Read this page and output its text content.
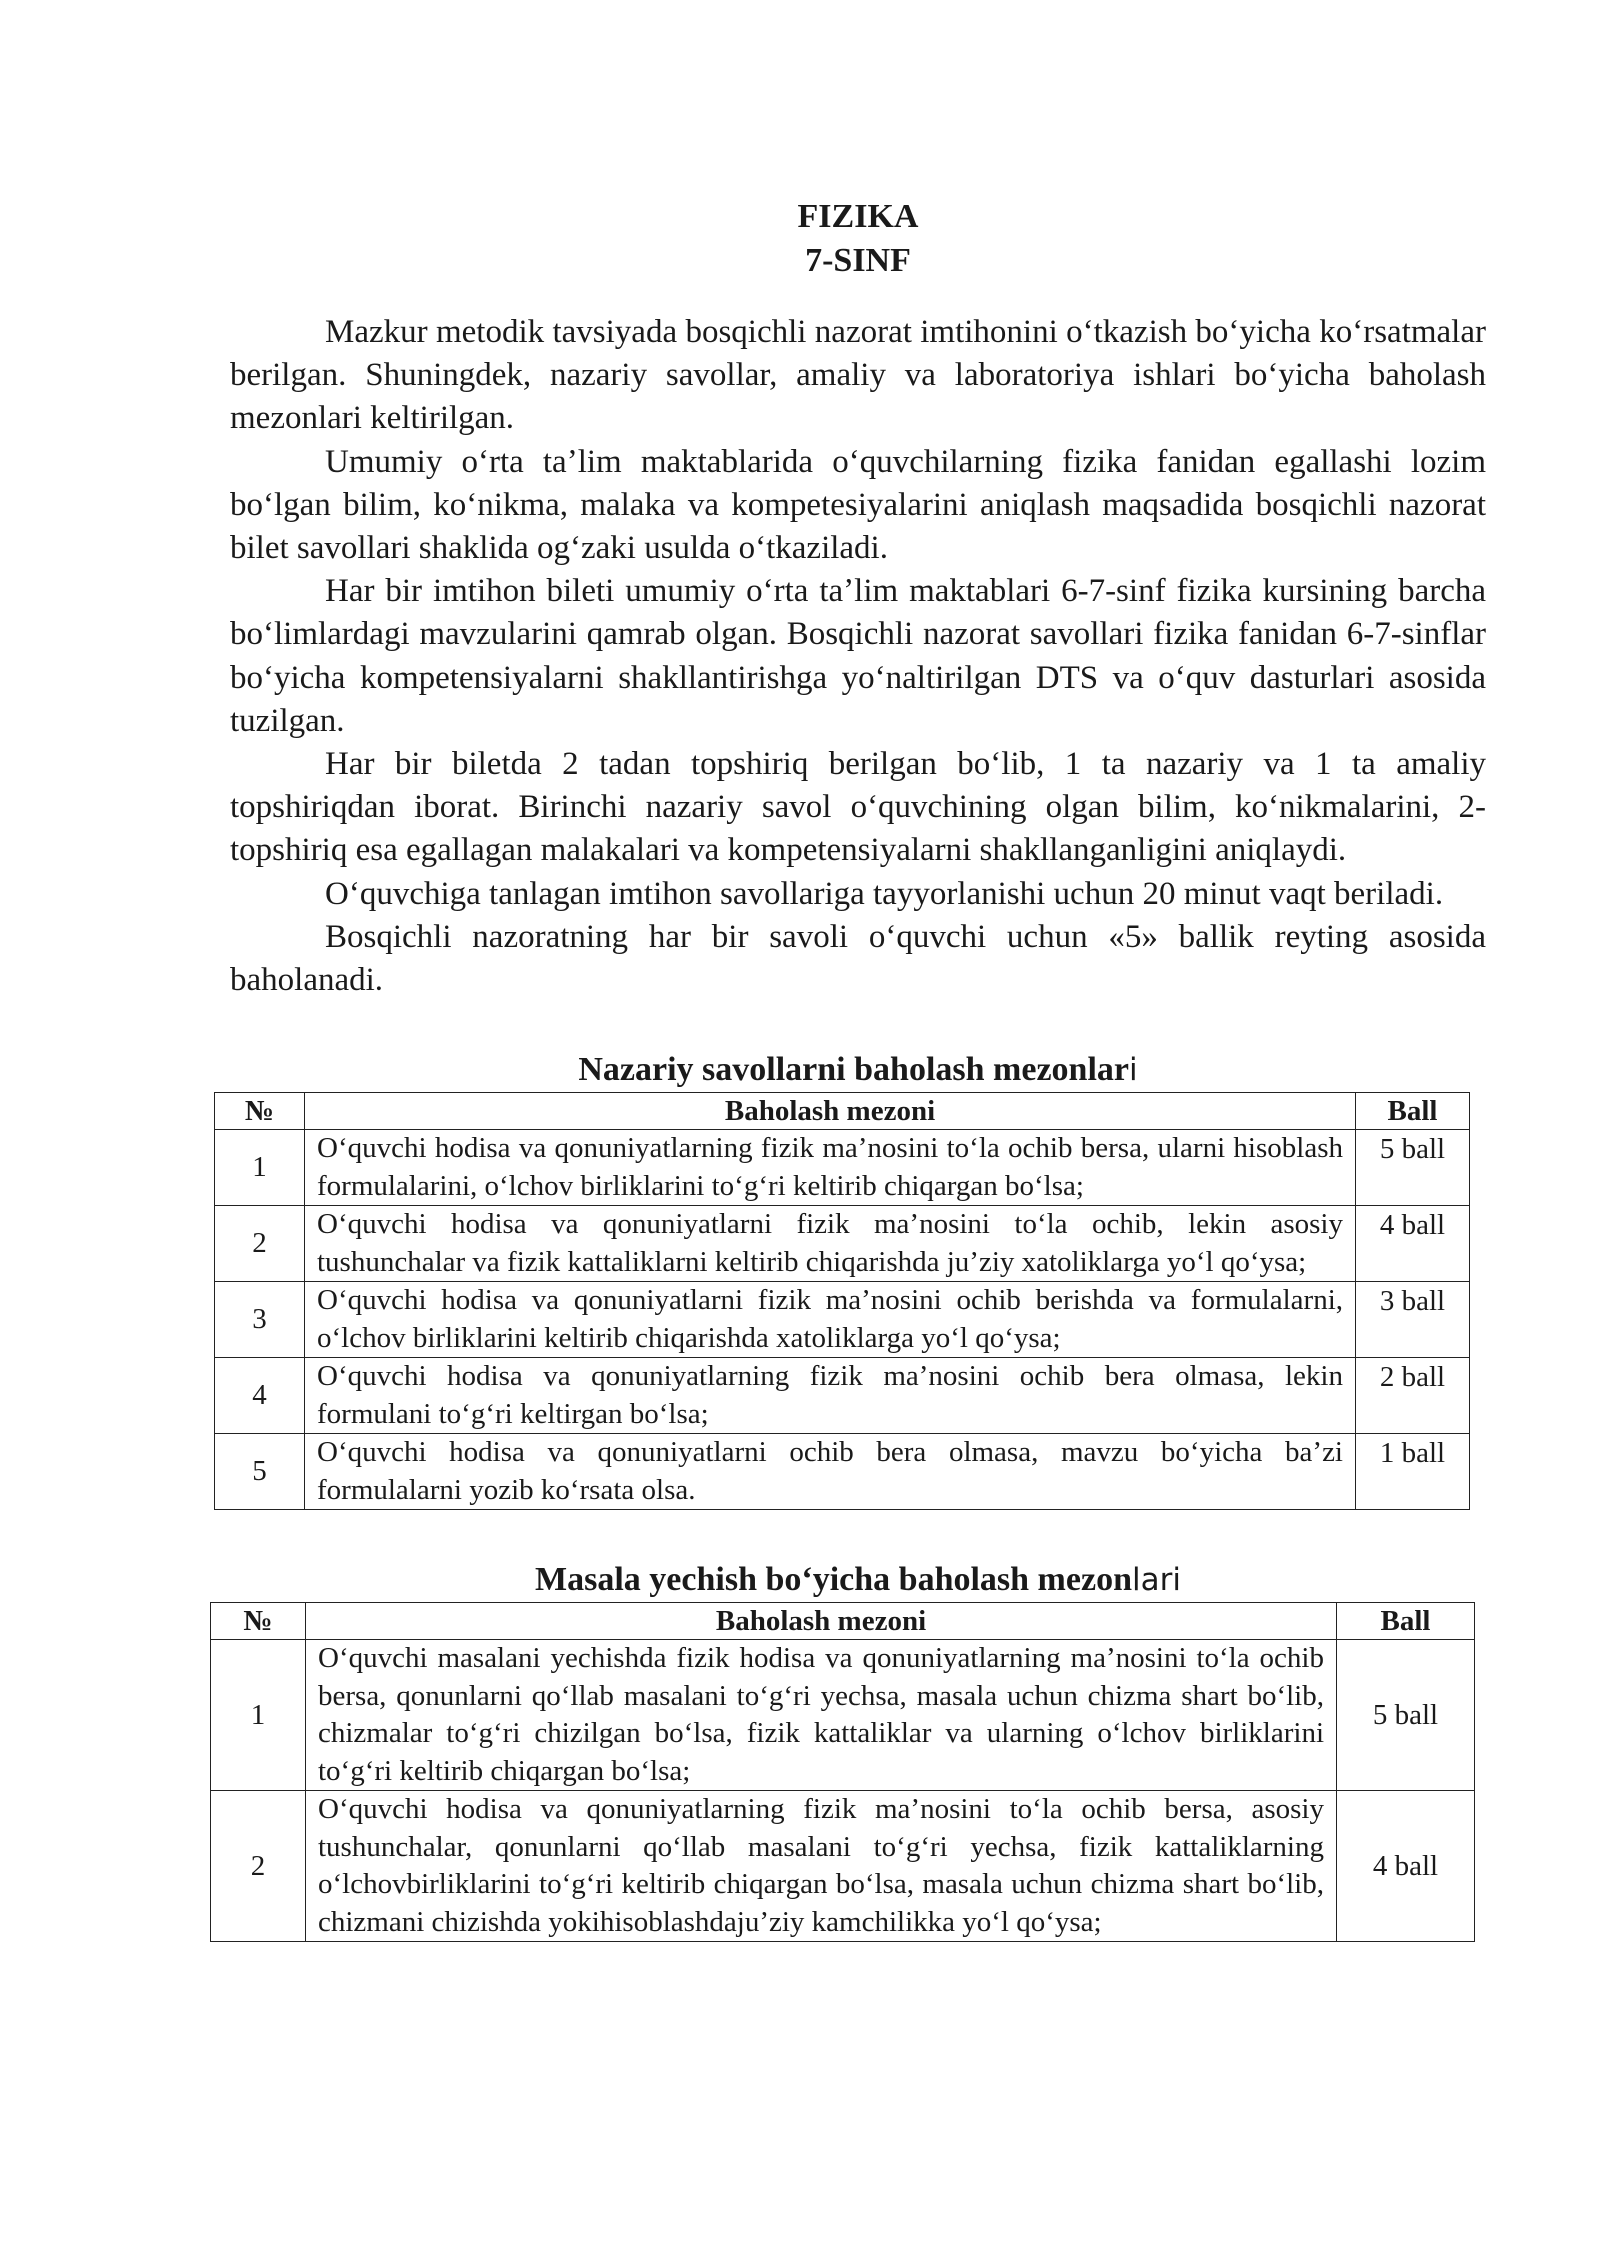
FIZIKA
7-SINF

Mazkur metodik tavsiyada bosqichli nazorat imtihonini oʻtkazish boʻyicha koʻrsatmalar berilgan. Shuningdek, nazariy savollar, amaliy va laboratoriya ishlari boʻyicha baholash mezonlari keltirilgan.

Umumiy oʻrta taʼlim maktablarida oʻquvchilarning fizika fanidan egallashi lozim boʻlgan bilim, koʻnikma, malaka va kompetesiyalarini aniqlash maqsadida bosqichli nazorat bilet savollari shaklida ogʻzaki usulda oʻtkaziladi.

Har bir imtihon bileti umumiy oʻrta taʼlim maktablari 6-7-sinf fizika kursining barcha boʻlimlardagi mavzularini qamrab olgan. Bosqichli nazorat savollari fizika fanidan 6-7-sinflar boʻyicha kompetensiyalarni shakllantirishga yoʻnaltirilgan DTS va oʻquv dasturlari asosida tuzilgan.

Har bir biletda 2 tadan topshiriq berilgan boʻlib, 1 ta nazariy va 1 ta amaliy topshiriqdan iborat. Birinchi nazariy savol oʻquvchining olgan bilim, koʻnikmalarini, 2-topshiriq esa egallagan malakalari va kompetensiyalarni shakllanganligini aniqlaydi.

Oʻquvchiga tanlagan imtihon savollariga tayyorlanishi uchun 20 minut vaqt beriladi.

Bosqichli nazoratning har bir savoli oʻquvchi uchun «5» ballik reyting asosida baholanadi.

Nazariy savollarni baholash mezonlari
№	Baholash mezoni	Ball
1	Oʻquvchi hodisa va qonuniyatlarning fizik maʼnosini toʻla ochib bersa, ularni hisoblash formulalarini, oʻlchov birliklarini toʻgʻri keltirib chiqargan boʻlsa;	5 ball
2	Oʻquvchi hodisa va qonuniyatlarni fizik maʼnosini toʻla ochib, lekin asosiy tushunchalar va fizik kattaliklarni keltirib chiqarishda juʼziy xatoliklarga yoʻl qoʻysa;	4 ball
3	Oʻquvchi hodisa va qonuniyatlarni fizik maʼnosini ochib berishda va formulalarni, oʻlchov birliklarini keltirib chiqarishda xatoliklarga yoʻl qoʻysa;	3 ball
4	Oʻquvchi hodisa va qonuniyatlarning fizik maʼnosini ochib bera olmasa, lekin formulani toʻgʻri keltirgan boʻlsa;	2 ball
5	Oʻquvchi hodisa va qonuniyatlarni ochib bera olmasa, mavzu boʻyicha baʼzi formulalarni yozib koʻrsata olsa.	1 ball
Masala yechish boʻyicha baholash mezonlari
№	Baholash mezoni	Ball
1	Oʻquvchi masalani yechishda fizik hodisa va qonuniyatlarning maʼnosini toʻla ochib bersa, qonunlarni qoʻllab masalani toʻgʻri yechsa, masala uchun chizma shart boʻlib, chizmalar toʻgʻri chizilgan boʻlsa, fizik kattaliklar va ularning oʻlchov birliklarini toʻgʻri keltirib chiqargan boʻlsa;	5 ball
2	Oʻquvchi hodisa va qonuniyatlarning fizik maʼnosini toʻla ochib bersa, asosiy tushunchalar, qonunlarni qoʻllab masalani toʻgʻri yechsa, fizik kattaliklarning oʻlchovbirliklarini toʻgʻri keltirib chiqargan boʻlsa, masala uchun chizma shart boʻlib, chizmani chizishda yokihisoblashdajuʼziy kamchilikka yoʻl qoʻysa;	4 ball
